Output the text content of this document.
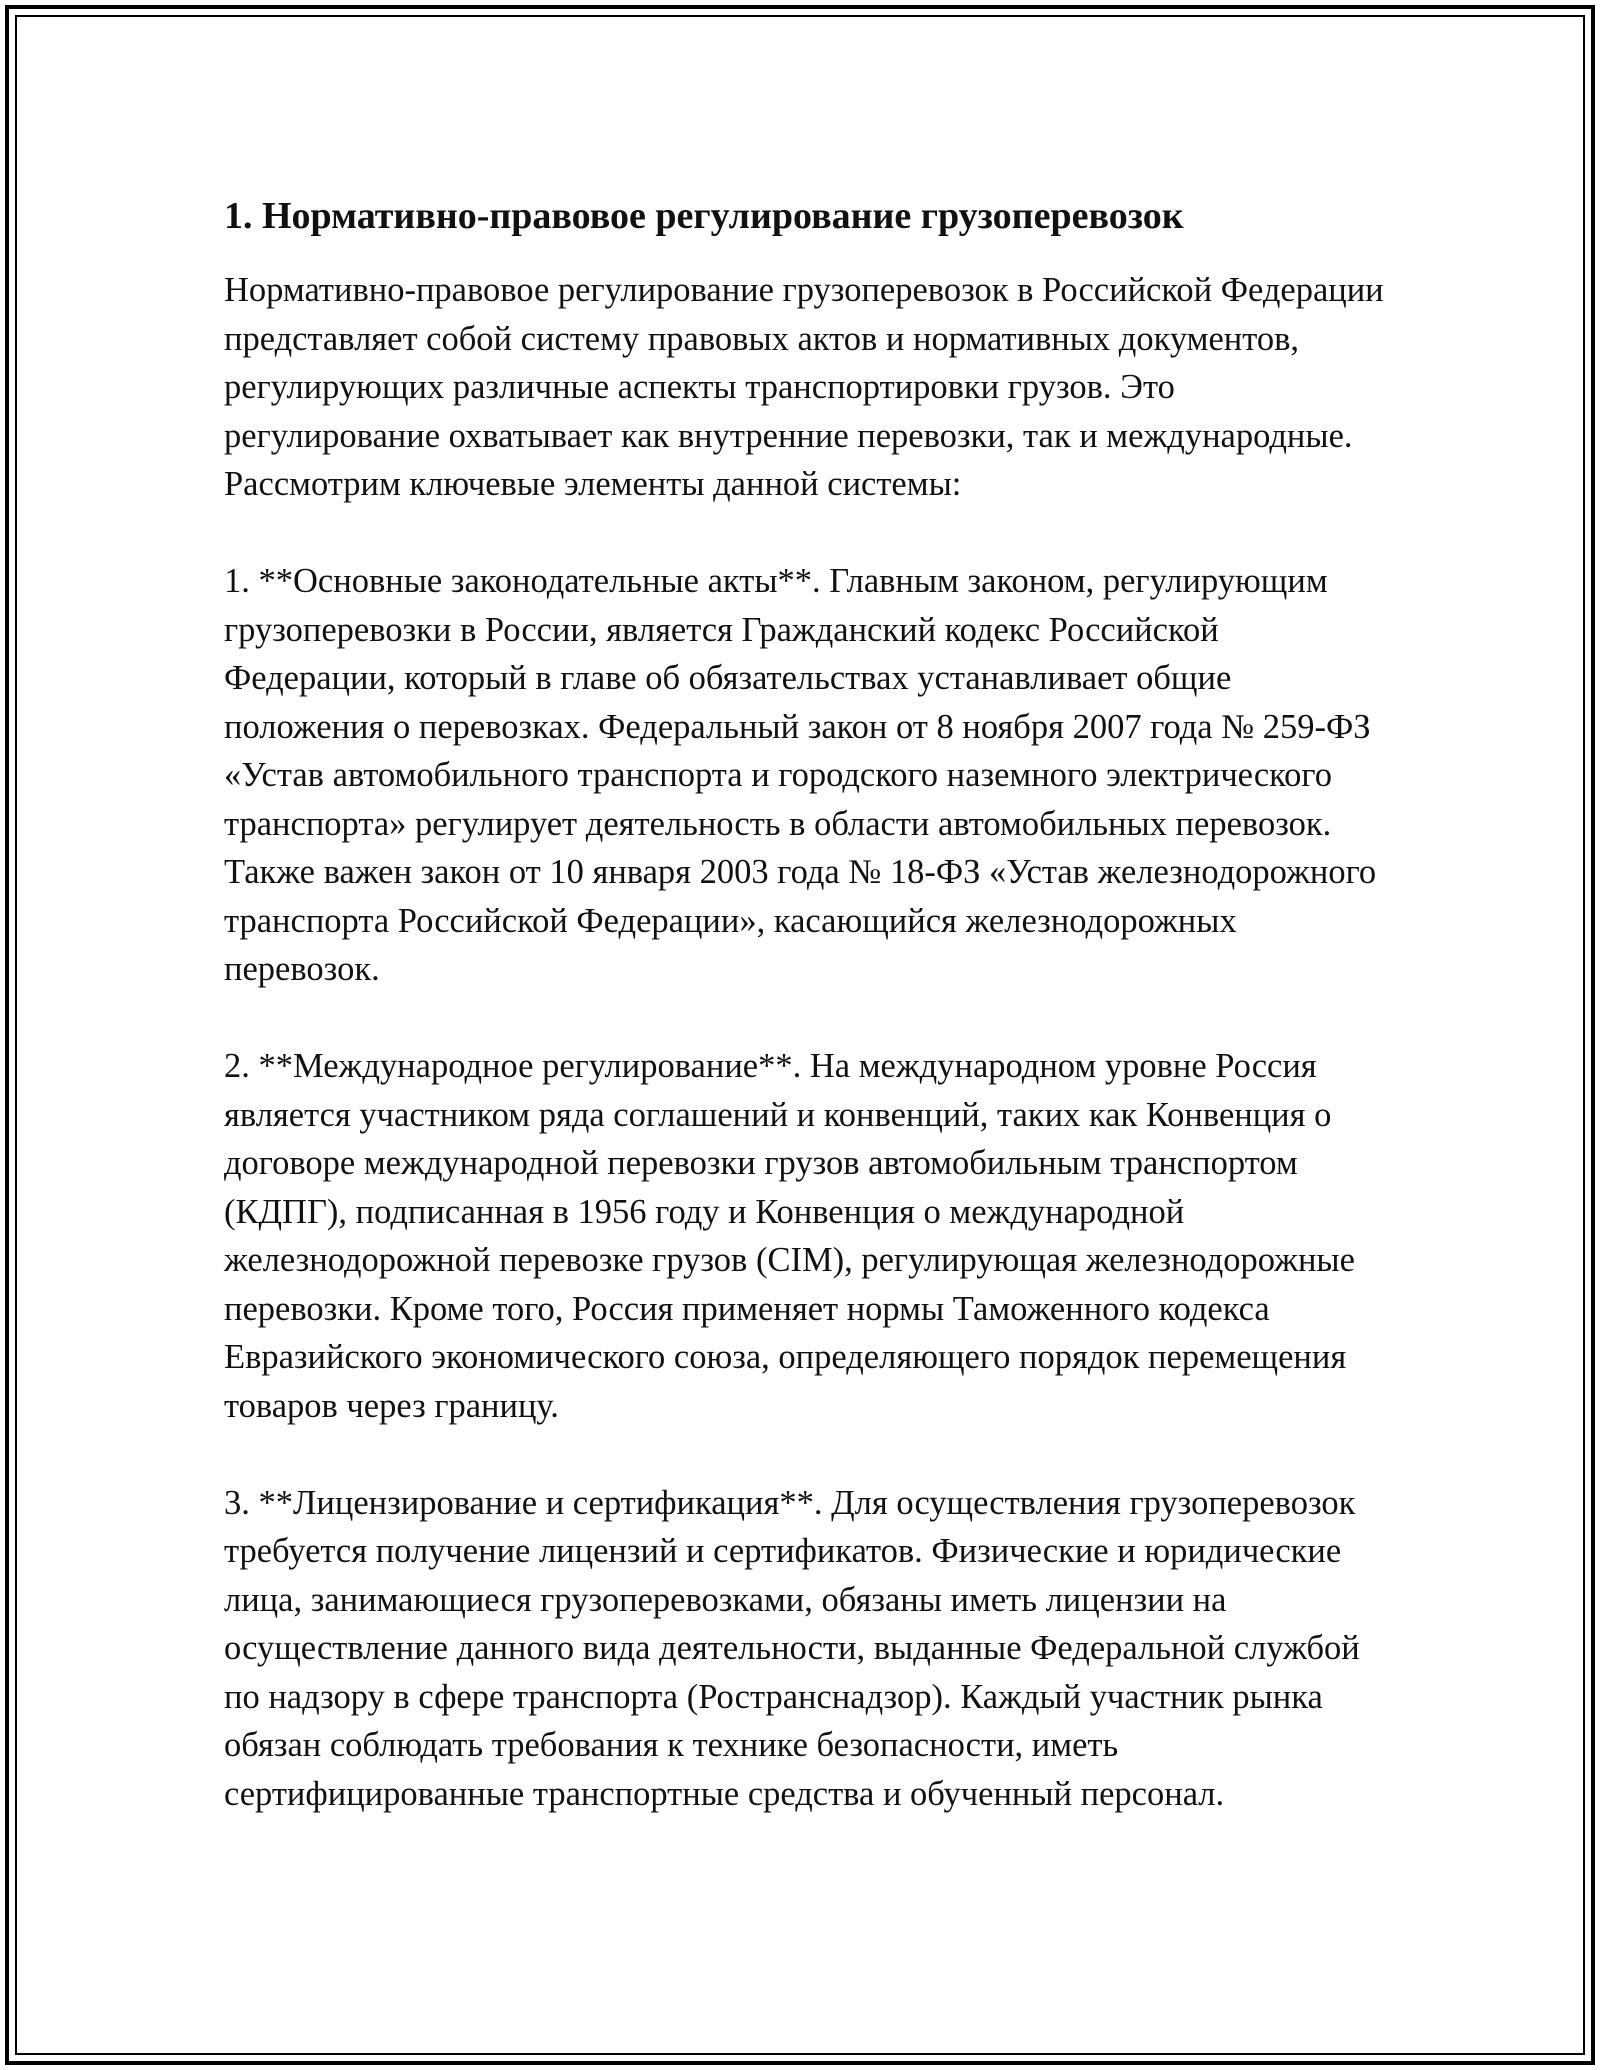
1. Нормативно-правовое регулирование грузоперевозок

Нормативно-правовое регулирование грузоперевозок в Российской Федерации представляет собой систему правовых актов и нормативных документов, регулирующих различные аспекты транспортировки грузов. Это регулирование охватывает как внутренние перевозки, так и международные. Рассмотрим ключевые элементы данной системы:

1. **Основные законодательные акты**. Главным законом, регулирующим грузоперевозки в России, является Гражданский кодекс Российской Федерации, который в главе об обязательствах устанавливает общие положения о перевозках. Федеральный закон от 8 ноября 2007 года № 259-ФЗ «Устав автомобильного транспорта и городского наземного электрического транспорта» регулирует деятельность в области автомобильных перевозок. Также важен закон от 10 января 2003 года № 18-ФЗ «Устав железнодорожного транспорта Российской Федерации», касающийся железнодорожных перевозок.

2. **Международное регулирование**. На международном уровне Россия является участником ряда соглашений и конвенций, таких как Конвенция о договоре международной перевозки грузов автомобильным транспортом (КДПГ), подписанная в 1956 году и Конвенция о международной железнодорожной перевозке грузов (CIM), регулирующая железнодорожные перевозки. Кроме того, Россия применяет нормы Таможенного кодекса Евразийского экономического союза, определяющего порядок перемещения товаров через границу.

3. **Лицензирование и сертификация**. Для осуществления грузоперевозок требуется получение лицензий и сертификатов. Физические и юридические лица, занимающиеся грузоперевозками, обязаны иметь лицензии на осуществление данного вида деятельности, выданные Федеральной службой по надзору в сфере транспорта (Ространснадзор). Каждый участник рынка обязан соблюдать требования к технике безопасности, иметь сертифицированные транспортные средства и обученный персонал.
